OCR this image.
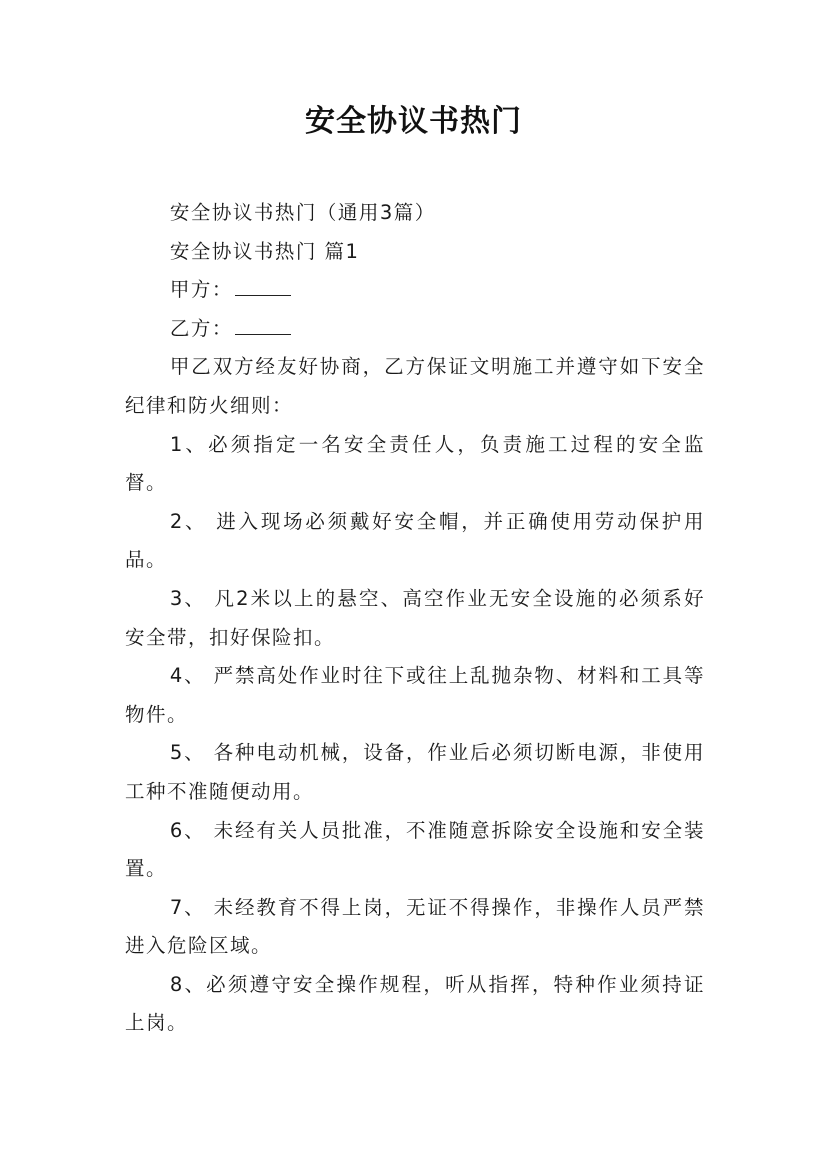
安全协议书热门

安全协议书热门（通用3篇）

安全协议书热门 篇1

甲方：

乙方：

甲乙双方经友好协商，乙方保证文明施工并遵守如下安全纪律和防火细则：

1、必须指定一名安全责任人，负责施工过程的安全监督。

2、 进入现场必须戴好安全帽，并正确使用劳动保护用品。

3、 凡2米以上的悬空、高空作业无安全设施的必须系好安全带，扣好保险扣。

4、 严禁高处作业时往下或往上乱抛杂物、材料和工具等物件。

5、 各种电动机械，设备，作业后必须切断电源，非使用工种不准随便动用。

6、 未经有关人员批准，不准随意拆除安全设施和安全装置。

7、 未经教育不得上岗，无证不得操作，非操作人员严禁进入危险区域。

8、必须遵守安全操作规程，听从指挥，特种作业须持证上岗。
